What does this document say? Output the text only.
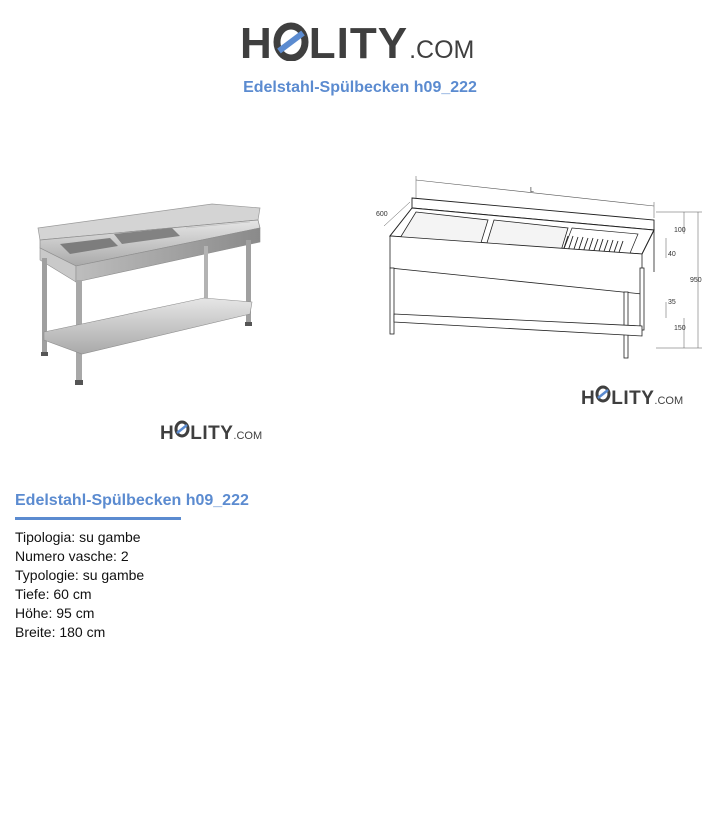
H LITY .COM
Edelstahl-Spülbecken h09_222
L
600
100
40
950
35
150
H LITY .COM
H LITY .COM
Edelstahl-Spülbecken h09_222
Tipologia: su gambe
Numero vasche: 2
Typologie: su gambe
Tiefe: 60 cm
Höhe: 95 cm
Breite: 180 cm
